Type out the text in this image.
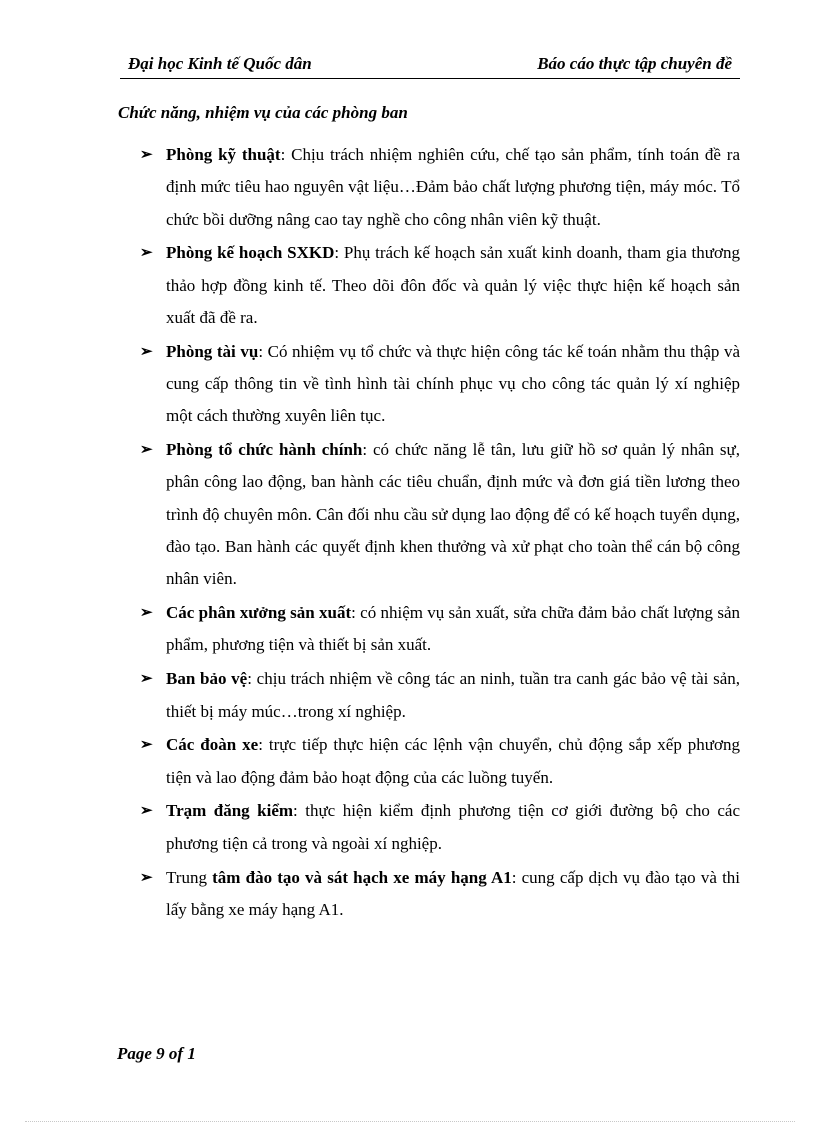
Đại học Kinh tế Quốc dân	Báo cáo thực tập chuyên đề
Chức năng, nhiệm vụ của các phòng ban
➢ Phòng kỹ thuật: Chịu trách nhiệm nghiên cứu, chế tạo sản phẩm, tính toán đề ra định mức tiêu hao nguyên vật liệu…Đảm bảo chất lượng phương tiện, máy móc. Tổ chức bồi dưỡng nâng cao tay nghề cho công nhân viên kỹ thuật.
➢ Phòng kế hoạch SXKD: Phụ trách kế hoạch sản xuất kinh doanh, tham gia thương thảo hợp đồng kinh tế. Theo dõi đôn đốc và quản lý việc thực hiện kế hoạch sản xuất đã đề ra.
➢ Phòng tài vụ: Có nhiệm vụ tổ chức và thực hiện công tác kế toán nhằm thu thập và cung cấp thông tin về tình hình tài chính phục vụ cho công tác quản lý xí nghiệp một cách thường xuyên liên tục.
➢ Phòng tổ chức hành chính: có chức năng lễ tân, lưu giữ hồ sơ quản lý nhân sự, phân công lao động, ban hành các tiêu chuẩn, định mức và đơn giá tiền lương theo trình độ chuyên môn. Cân đối nhu cầu sử dụng lao động để có kế hoạch tuyển dụng, đào tạo. Ban hành các quyết định khen thưởng và xử phạt cho toàn thể cán bộ công nhân viên.
➢ Các phân xưởng sản xuất: có nhiệm vụ sản xuất, sửa chữa đảm bảo chất lượng sản phẩm, phương tiện và thiết bị sản xuất.
➢ Ban bảo vệ: chịu trách nhiệm về công tác an ninh, tuần tra canh gác bảo vệ tài sản, thiết bị máy múc…trong xí nghiệp.
➢ Các đoàn xe: trực tiếp thực hiện các lệnh vận chuyển, chủ động sắp xếp phương tiện và lao động đảm bảo hoạt động của các luồng tuyến.
➢ Trạm đăng kiểm: thực hiện kiểm định phương tiện cơ giới đường bộ cho các phương tiện cả trong và ngoài xí nghiệp.
➢ Trung tâm đào tạo và sát hạch xe máy hạng A1: cung cấp dịch vụ đào tạo và thi lấy bằng xe máy hạng A1.
Page 9 of 1
